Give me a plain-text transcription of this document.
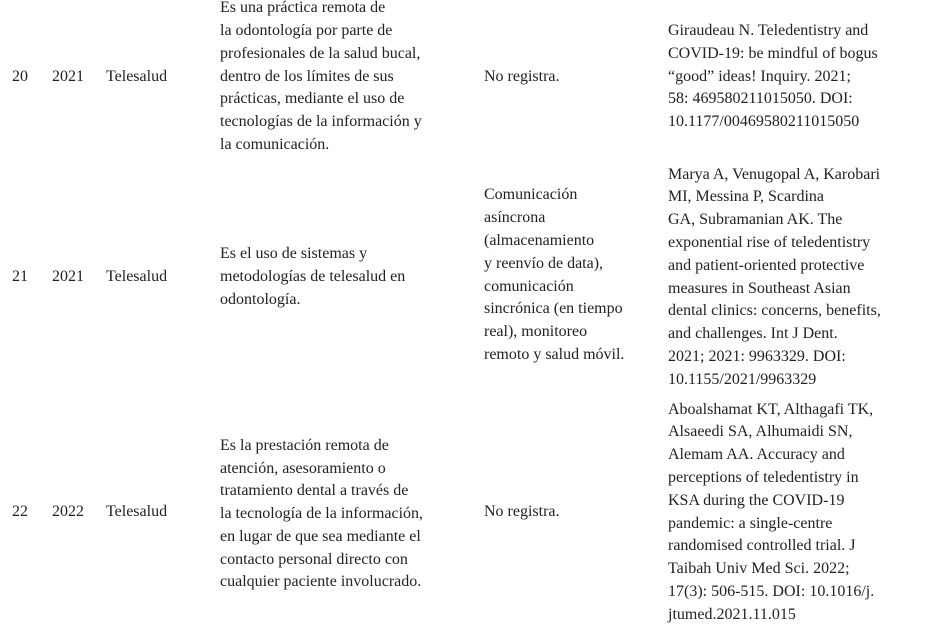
20 2021 Telesalud
Es una práctica remota de
la odontología por parte de
profesionales de la salud bucal,
dentro de los límites de sus
prácticas, mediante el uso de
tecnologías de la información y
la comunicación.
No registra.
Giraudeau N. Teledentistry and
COVID-19: be mindful of bogus
“good” ideas! Inquiry. 2021;
58: 469580211015050. DOI:
10.1177/00469580211015050
21 2021 Telesalud
Es el uso de sistemas y
metodologías de telesalud en
odontología.
Comunicación
asíncrona
(almacenamiento
y reenvío de data),
comunicación
sincrónica (en tiempo
real), monitoreo
remoto y salud móvil.
Marya A, Venugopal A, Karobari
MI, Messina P, Scardina
GA, Subramanian AK. The
exponential rise of teledentistry
and patient-oriented protective
measures in Southeast Asian
dental clinics: concerns, benefits,
and challenges. Int J Dent.
2021; 2021: 9963329. DOI:
10.1155/2021/9963329
22 2022 Telesalud
Es la prestación remota de
atención, asesoramiento o
tratamiento dental a través de
la tecnología de la información,
en lugar de que sea mediante el
contacto personal directo con
cualquier paciente involucrado.
No registra.
Aboalshamat KT, Althagafi TK,
Alsaeedi SA, Alhumaidi SN,
Alemam AA. Accuracy and
perceptions of teledentistry in
KSA during the COVID-19
pandemic: a single-centre
randomised controlled trial. J
Taibah Univ Med Sci. 2022;
17(3): 506-515. DOI: 10.1016/j.
jtumed.2021.11.015
